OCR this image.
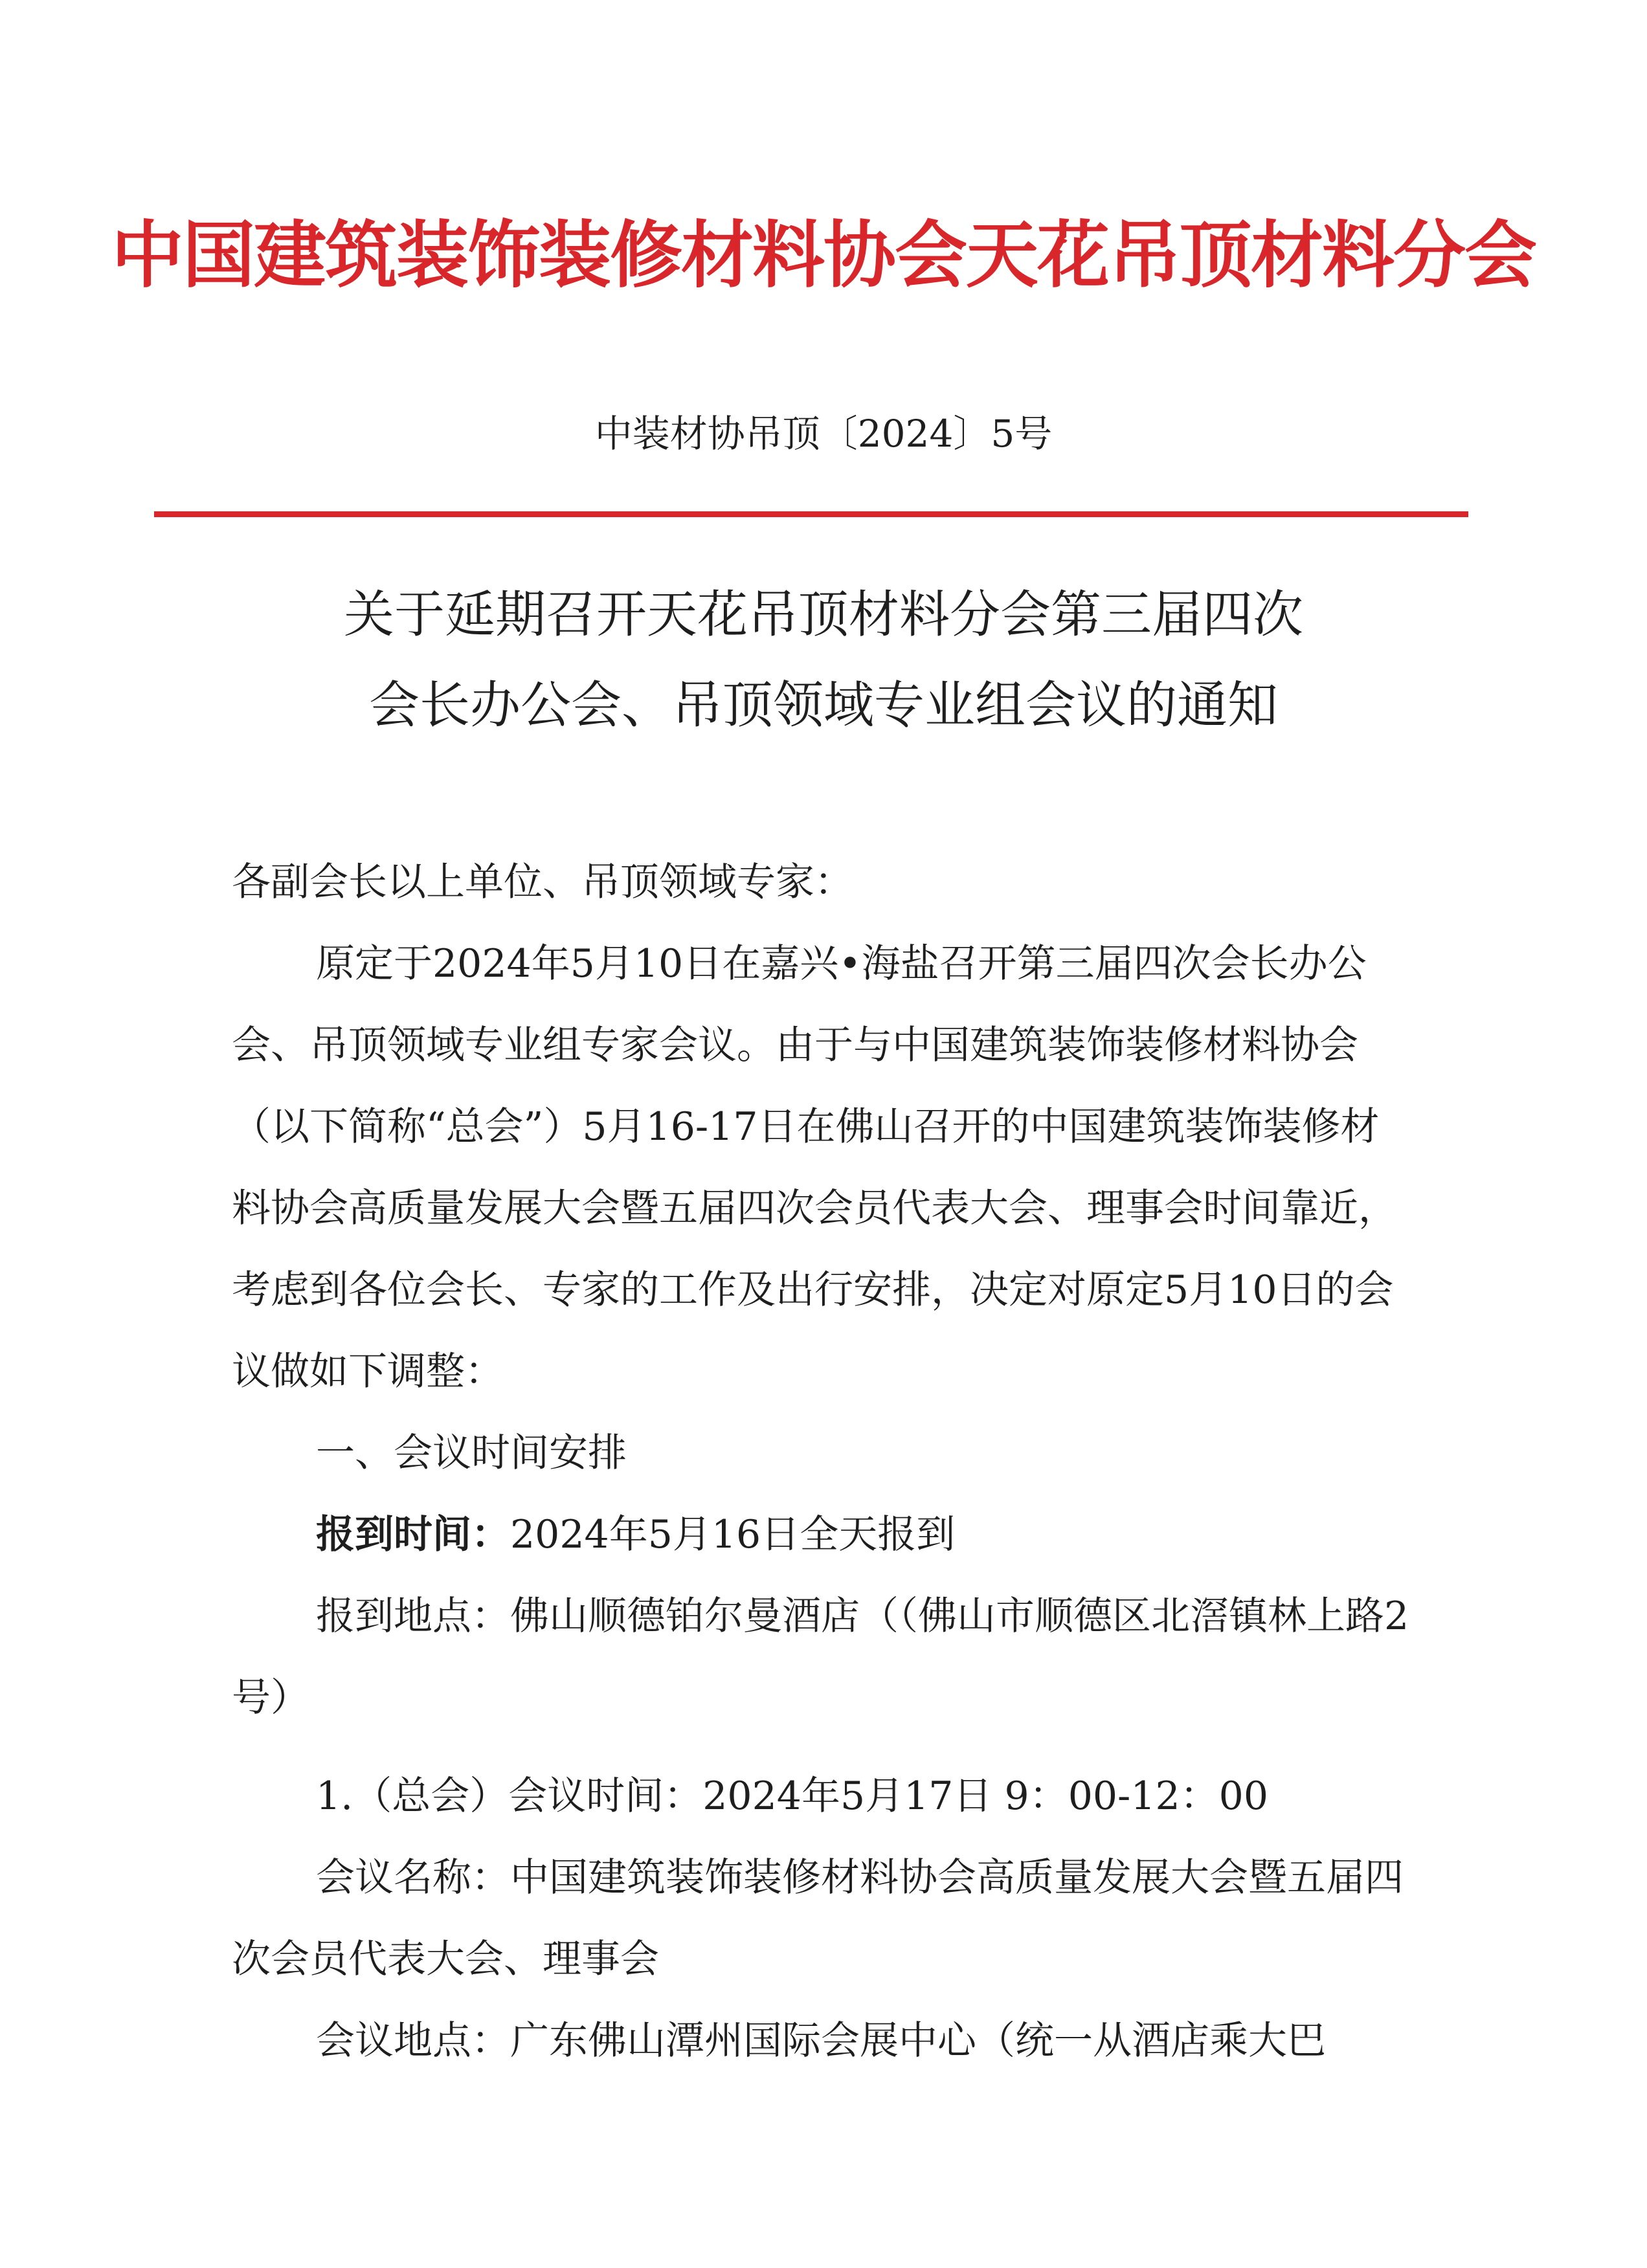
中国建筑装饰装修材料协会天花吊顶材料分会
中装材协吊顶〔2024〕5号
关于延期召开天花吊顶材料分会第三届四次
会长办公会、吊顶领域专业组会议的通知

各副会长以上单位、吊顶领域专家：

原定于2024年5月10日在嘉兴•海盐召开第三届四次会长办公会、吊顶领域专业组专家会议。由于与中国建筑装饰装修材料协会（以下简称“总会”）5月16-17日在佛山召开的中国建筑装饰装修材料协会高质量发展大会暨五届四次会员代表大会、理事会时间靠近，考虑到各位会长、专家的工作及出行安排，决定对原定5月10日的会议做如下调整：

一、会议时间安排

报到时间：2024年5月16日全天报到

报到地点：佛山顺德铂尔曼酒店（（佛山市顺德区北滘镇林上路2号）

1.（总会）会议时间：2024年5月17日 9：00-12：00

会议名称：中国建筑装饰装修材料协会高质量发展大会暨五届四次会员代表大会、理事会

会议地点：广东佛山潭州国际会展中心（统一从酒店乘大巴
